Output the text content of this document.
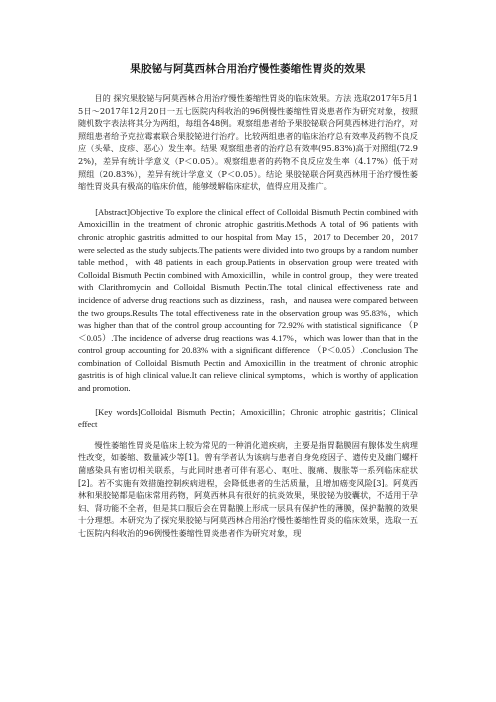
果胶铋与阿莫西林合用治疗慢性萎缩性胃炎的效果

目的 探究果胶铋与阿莫西林合用治疗慢性萎缩性胃炎的临床效果。方法 选取2017年5月15日～2017年12月20日一五七医院内科收治的96例慢性萎缩性胃炎患者作为研究对象，按照随机数字表法将其分为两组，每组各48例。观察组患者给予果胶铋联合阿莫西林进行治疗，对照组患者给予克拉霉素联合果胶铋进行治疗。比较两组患者的临床治疗总有效率及药物不良反应（头晕、皮疹、恶心）发生率。结果 观察组患者的治疗总有效率(95.83%)高于对照组(72.92%)，差异有统计学意义（P＜0.05）。观察组患者的药物不良反应发生率（4.17%）低于对照组（20.83%），差异有统计学意义（P＜0.05）。结论 果胶铋联合阿莫西林用于治疗慢性萎缩性胃炎具有极高的临床价值，能够缓解临床症状，值得应用及推广。

[Abstract]Objective To explore the clinical effect of Colloidal Bismuth Pectin combined with Amoxicillin in the treatment of chronic atrophic gastritis.Methods A total of 96 patients with chronic atrophic gastritis admitted to our hospital from May 15，2017 to December 20，2017 were selected as the study subjects.The patients were divided into two groups by a random number table method，with 48 patients in each group.Patients in observation group were treated with Colloidal Bismuth Pectin combined with Amoxicillin，while in control group，they were treated with Clarithromycin and Colloidal Bismuth Pectin.The total clinical effectiveness rate and incidence of adverse drug reactions such as dizziness，rash，and nausea were compared between the two groups.Results The total effectiveness rate in the observation group was 95.83%，which was higher than that of the control group accounting for 72.92% with statistical significance （P＜0.05）.The incidence of adverse drug reactions was 4.17%，which was lower than that in the control group accounting for 20.83% with a significant difference （P＜0.05）.Conclusion The combination of Colloidal Bismuth Pectin and Amoxicillin in the treatment of chronic atrophic gastritis is of high clinical value.It can relieve clinical symptoms，which is worthy of application and promotion.

[Key words]Colloidal Bismuth Pectin；Amoxicillin；Chronic atrophic gastritis；Clinical effect

慢性萎缩性胃炎是临床上较为常见的一种消化道疾病，主要是指胃黏膜固有腺体发生病理性改变，如萎缩、数量减少等[1]。曾有学者认为该病与患者自身免疫因子、遗传史及幽门螺杆菌感染具有密切相关联系，与此同时患者可伴有恶心、呕吐、腹痛、腹胀等一系列临床症状[2]。若不实施有效措施控制疾病进程，会降低患者的生活质量，且增加癌变风险[3]。阿莫西林和果胶铋都是临床常用药物，阿莫西林具有很好的抗炎效果，果胶铋为胶囊状，不适用于孕妇、肾功能不全者，但是其口服后会在胃黏膜上形成一层具有保护性的薄膜，保护黏膜的效果十分理想。本研究为了探究果胶铋与阿莫西林合用治疗慢性萎缩性胃炎的临床效果，选取一五七医院内科收治的96例慢性萎缩性胃炎患者作为研究对象，现
